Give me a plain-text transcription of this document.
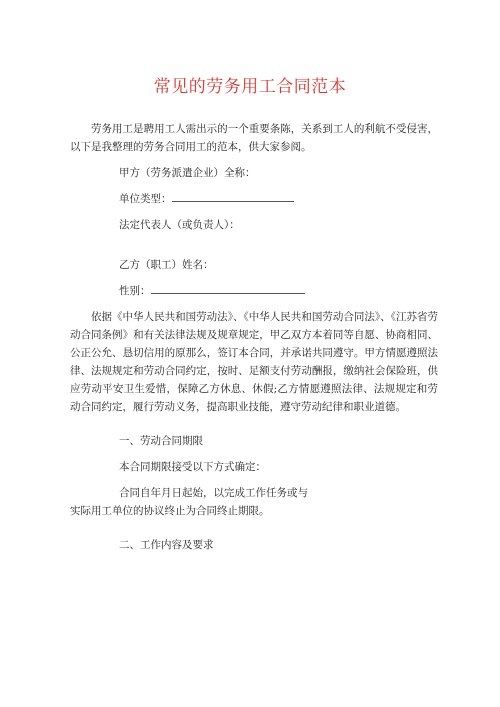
常见的劳务用工合同范本

劳务用工是聘用工人需出示的一个重要条陈，关系到工人的利航不受侵害，以下是我整理的劳务合同用工的范本，供大家参阅。

甲方（劳务派遣企业）全称：

单位类型：

法定代表人（或负责人）：

乙方（职工）姓名：

性别：

依据《中华人民共和国劳动法》、《中华人民共和国劳动合同法》、《江苏省劳动合同条例》和有关法律法规及规章规定，甲乙双方本着同等自愿、协商相同、公正公允、恳切信用的原那么，签订本合同，并承诺共同遵守。甲方情愿遵照法律、法规规定和劳动合同约定，按时、足额支付劳动酬报，缴纳社会保险班，供应劳动平安卫生爱惜，保障乙方休息、休假;乙方情愿遵照法律、法规规定和劳动合同约定，履行劳动义务，提高职业技能，遵守劳动纪律和职业道德。

一、劳动合同期限

本合同期限接受以下方式确定：

合同自年月日起始，以完成工作任务或与

实际用工单位的协议终止为合同终止期限。

二、工作内容及要求
